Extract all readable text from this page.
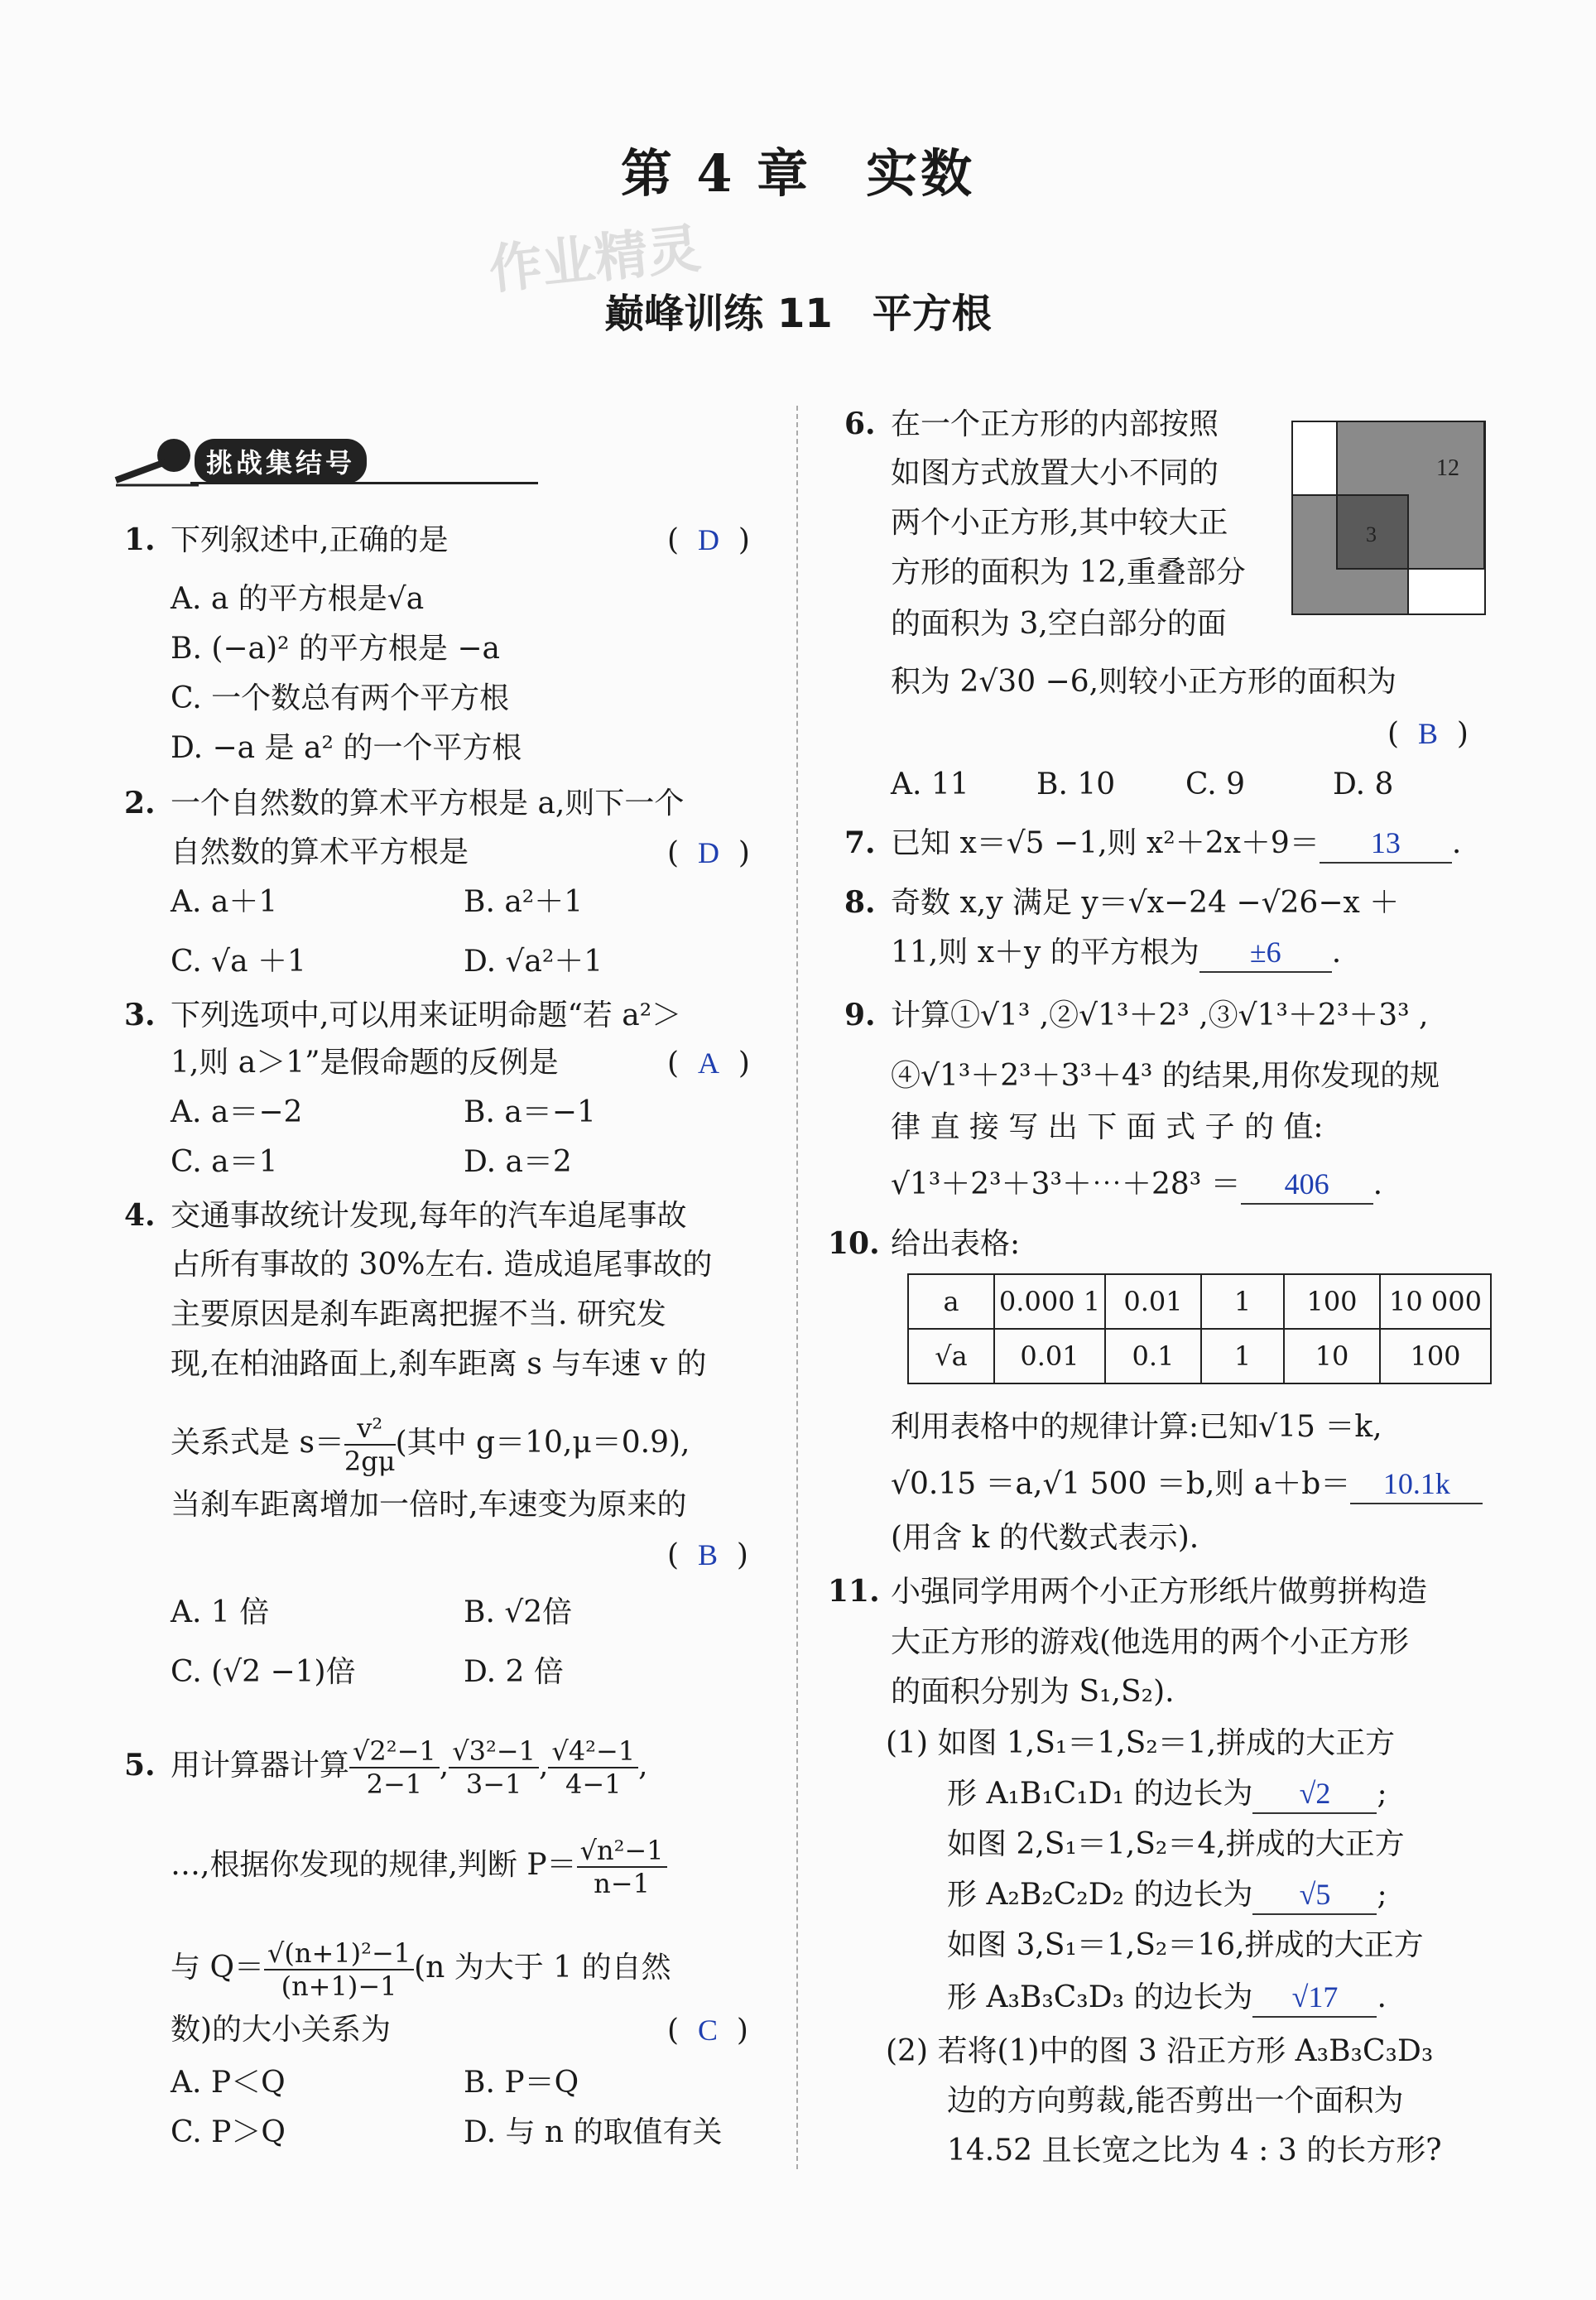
第 4 章　实数
作业精灵
巅峰训练 11　平方根
挑战集结号
1. 下列叙述中,正确的是	(  D  )
A. a 的平方根是√a
B. (−a)² 的平方根是 −a
C. 一个数总有两个平方根
D. −a 是 a² 的一个平方根
2. 一个自然数的算术平方根是 a,则下一个
自然数的算术平方根是	(  D  )
A. a＋1	B. a²＋1
C. √a ＋1	D. √a²＋1
3. 下列选项中,可以用来证明命题“若 a²＞
1,则 a＞1”是假命题的反例是	(  A  )
A. a＝−2	B. a＝−1
C. a＝1	D. a＝2
4. 交通事故统计发现,每年的汽车追尾事故
占所有事故的 30%左右. 造成追尾事故的
主要原因是刹车距离把握不当. 研究发
现,在柏油路面上,刹车距离 s 与车速 v 的
关系式是 $s= \frac{\text{v²}}{2g\mu}$ (其中 g＝10,μ＝0.9),
当刹车距离增加一倍时,车速变为原来的
(  B  )
A. 1 倍	B. √2倍
C. (√2 −1)倍	D. 2 倍
5. 用计算器计算 $\frac{\text{√2²−1}}{2-1}$ , $\frac{\text{√3²−1}}{3-1}$ , $\frac{\text{√4²−1}}{4-1}$ ,
…,根据你发现的规律,判断 $P= \frac{\text{√n²−1}}{n-1}$
与 $Q= \frac{\text{√(n+1)²−1}}{(n+1)-1} (n$ 为大于 1 的自然
数)的大小关系为	(  C  )
A. P＜Q	B. P＝Q
C. P＞Q	D. 与 n 的取值有关
6. 在一个正方形的内部按照
如图方式放置大小不同的
两个小正方形,其中较大正
方形的面积为 12,重叠部分
的面积为 3,空白部分的面
12
3
积为 2√30 −6,则较小正方形的面积为
(  B  )
A. 11 B. 10 C. 9	D. 8
7. 已知 x＝√5 −1,则 x²＋2x＋9＝ 13 .
8. 奇数 x,y 满足 y＝√x−24 −√26−x ＋
11,则 x＋y 的平方根为 ±6 .
9. 计算①√1³ ,②√1³＋2³ ,③√1³＋2³＋3³ ,
④√1³＋2³＋3³＋4³ 的结果,用你发现的规
律 直 接 写 出 下 面 式 子 的 值:
√1³＋2³＋3³＋⋯＋28³ ＝ 406 .
10. 给出表格:
a	0.000 1	0.01	1	100	10 000
√a	0.01	0.1	1	10	100
利用表格中的规律计算:已知√15 ＝k,
√0.15 ＝a,√1 500 ＝b,则 a＋b＝ 10.1k
(用含 k 的代数式表示).
11. 小强同学用两个小正方形纸片做剪拼构造
大正方形的游戏(他选用的两个小正方形
的面积分别为 S₁,S₂).
(1) 如图 1,S₁＝1,S₂＝1,拼成的大正方
形 A₁B₁C₁D₁ 的边长为 √2 ;
如图 2,S₁＝1,S₂＝4,拼成的大正方
形 A₂B₂C₂D₂ 的边长为 √5 ;
如图 3,S₁＝1,S₂＝16,拼成的大正方
形 A₃B₃C₃D₃ 的边长为 √17 .
(2) 若将(1)中的图 3 沿正方形 A₃B₃C₃D₃
边的方向剪裁,能否剪出一个面积为
14.52 且长宽之比为 4 : 3 的长方形?
